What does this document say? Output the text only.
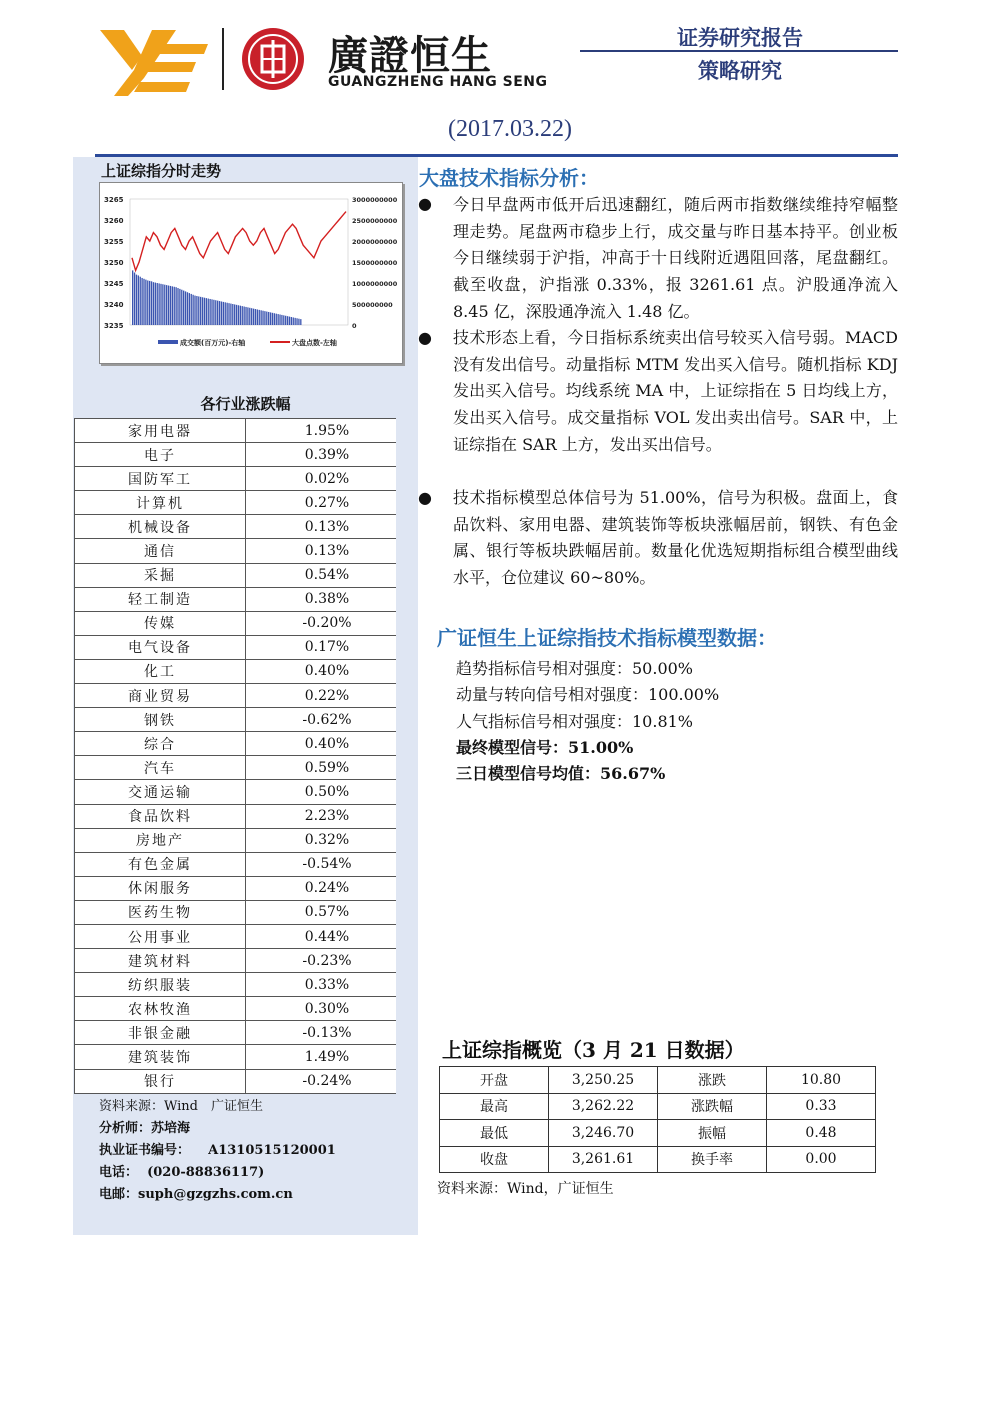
廣證恒生
GUANGZHENG HANG SENG
证券研究报告
策略研究
(2017.03.22)
上证综指分时走势
3265
3260
3255
3250
3245
3240
3235
3000000000
2500000000
2000000000
1500000000
1000000000
500000000
0
成交额(百万元)-右轴	大盘点数-左轴
各行业涨跌幅
家用电器	1.95%
电子	0.39%
国防军工	0.02%
计算机	0.27%
机械设备	0.13%
通信	0.13%
采掘	0.54%
轻工制造	0.38%
传媒	-0.20%
电气设备	0.17%
化工	0.40%
商业贸易	0.22%
钢铁	-0.62%
综合	0.40%
汽车	0.59%
交通运输	0.50%
食品饮料	2.23%
房地产	0.32%
有色金属	-0.54%
休闲服务	0.24%
医药生物	0.57%
公用事业	0.44%
建筑材料	-0.23%
纺织服装	0.33%
农林牧渔	0.30%
非银金融	-0.13%
建筑装饰	1.49%
银行	-0.24%
资料来源：Wind　广证恒生
分析师：苏培海
执业证书编号： A1310515120001
电话： (020-88836117)
电邮：suph@gzgzhs.com.cn
大盘技术指标分析：
● 今日早盘两市低开后迅速翻红，随后两市指数继续维持窄幅整理走势。尾盘两市稳步上行，成交量与昨日基本持平。创业板今日继续弱于沪指，冲高于十日线附近遇阻回落，尾盘翻红。截至收盘，沪指涨 0.33%，报 3261.61 点。沪股通净流入 8.45 亿，深股通净流入 1.48 亿。
● 技术形态上看，今日指标系统卖出信号较买入信号弱。MACD 没有发出信号。动量指标 MTM 发出买入信号。随机指标 KDJ 发出买入信号。均线系统 MA 中，上证综指在 5 日均线上方，发出买入信号。成交量指标 VOL 发出卖出信号。SAR 中，上证综指在 SAR 上方，发出买出信号。
● 技术指标模型总体信号为 51.00%，信号为积极。盘面上，食品饮料、家用电器、建筑装饰等板块涨幅居前，钢铁、有色金属、银行等板块跌幅居前。数量化优选短期指标组合模型曲线水平，仓位建议 60~80%。
广证恒生上证综指技术指标模型数据：
趋势指标信号相对强度：50.00%
动量与转向信号相对强度：100.00%
人气指标信号相对强度：10.81%
最终模型信号：51.00%
三日模型信号均值：56.67%
上证综指概览（3 月 21 日数据）
开盘	3,250.25	涨跌	10.80
最高	3,262.22	涨跌幅	0.33
最低	3,246.70	振幅	0.48
收盘	3,261.61	换手率	0.00
资料来源：Wind，广证恒生
